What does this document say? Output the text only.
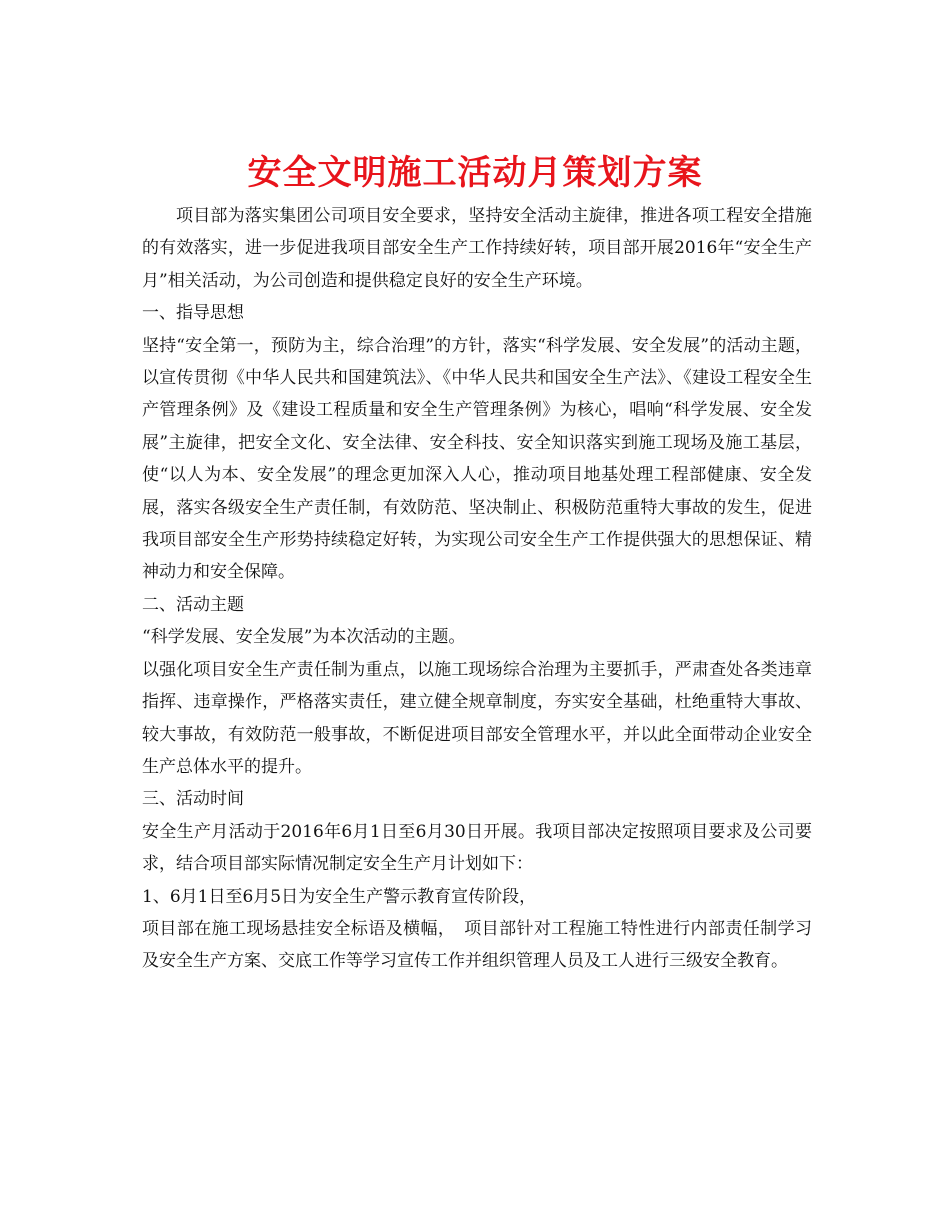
安全文明施工活动月策划方案

项目部为落实集团公司项目安全要求，坚持安全活动主旋律，推进各项工程安全措施的有效落实，进一步促进我项目部安全生产工作持续好转，项目部开展2016年“安全生产月”相关活动，为公司创造和提供稳定良好的安全生产环境。

一、指导思想

坚持“安全第一，预防为主，综合治理”的方针，落实“科学发展、安全发展”的活动主题，以宣传贯彻《中华人民共和国建筑法》、《中华人民共和国安全生产法》、《建设工程安全生产管理条例》及《建设工程质量和安全生产管理条例》为核心，唱响“科学发展、安全发展”主旋律，把安全文化、安全法律、安全科技、安全知识落实到施工现场及施工基层，使“以人为本、安全发展”的理念更加深入人心，推动项目地基处理工程部健康、安全发展，落实各级安全生产责任制，有效防范、坚决制止、积极防范重特大事故的发生，促进我项目部安全生产形势持续稳定好转，为实现公司安全生产工作提供强大的思想保证、精神动力和安全保障。

二、活动主题

“科学发展、安全发展”为本次活动的主题。

以强化项目安全生产责任制为重点，以施工现场综合治理为主要抓手，严肃查处各类违章指挥、违章操作，严格落实责任，建立健全规章制度，夯实安全基础，杜绝重特大事故、较大事故，有效防范一般事故，不断促进项目部安全管理水平，并以此全面带动企业安全生产总体水平的提升。

三、活动时间

安全生产月活动于2016年6月1日至6月30日开展。我项目部决定按照项目要求及公司要求，结合项目部实际情况制定安全生产月计划如下：

1、6月1日至6月5日为安全生产警示教育宣传阶段，

项目部在施工现场悬挂安全标语及横幅，　项目部针对工程施工特性进行内部责任制学习及安全生产方案、交底工作等学习宣传工作并组织管理人员及工人进行三级安全教育。
